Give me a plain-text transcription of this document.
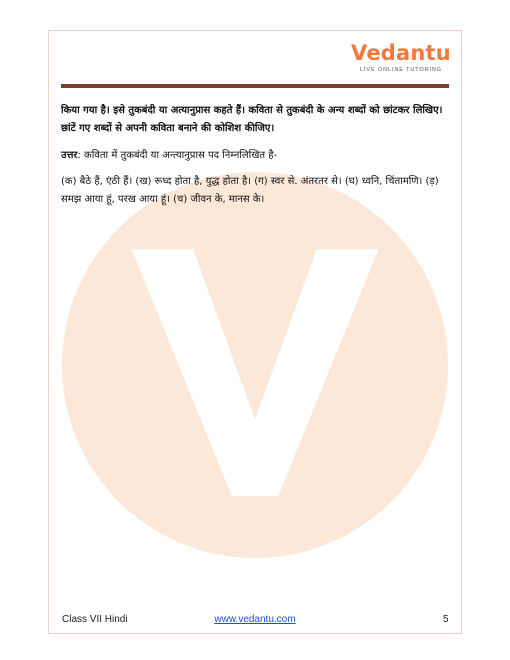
Vedantu
LIVE ONLINE TUTORING

किया गया है। इसे तुकबंदी या अत्यानुप्रास कहते हैं। कविता से तुकबंदी के अन्य शब्दों को छांटकर लिखिए। छांटें गए शब्दों से अपनी कविता बनाने की कोशिश कीजिए।

उत्तर: कविता में तुकबंदी या अन्त्यानुप्रास पद निम्नलिखित है-

(क) बैठे हैं, एंठी हैं। (ख) रूध्द होता है, युद्ध होता है। (ग) स्वर से. अंतरतर से। (घ) ध्वनि, चिंतामणि। (ड़) समझ आया हूं, परख आया हूं। (च) जीवन के, मानस के।

Class VII Hindi	www.vedantu.com	5
